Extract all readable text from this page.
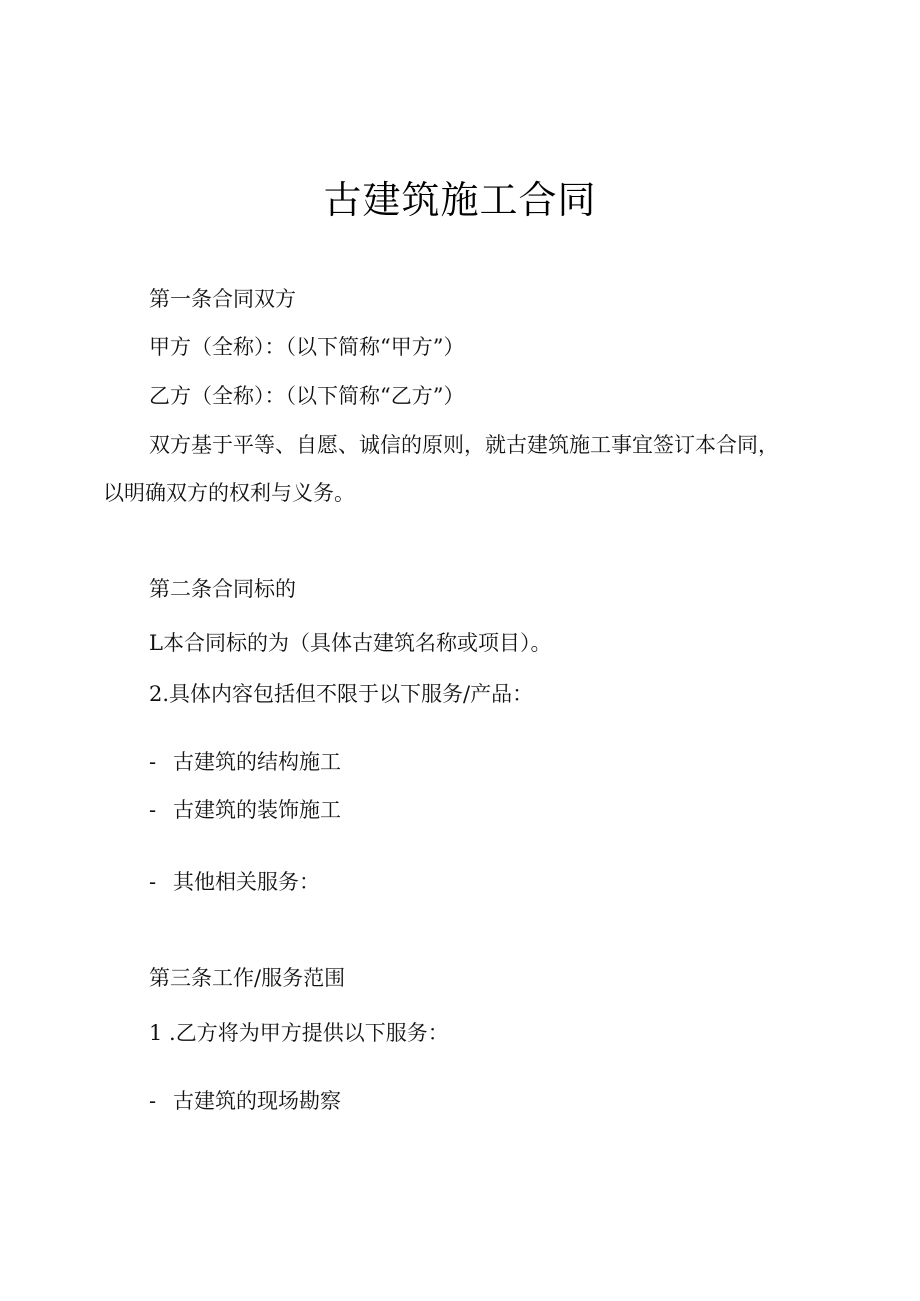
古建筑施工合同
第一条合同双方
甲方（全称）：（以下简称“甲方”）
乙方（全称）：（以下简称“乙方”）
双方基于平等、自愿、诚信的原则，就古建筑施工事宜签订本合同，
以明确双方的权利与义务。
第二条合同标的
L本合同标的为（具体古建筑名称或项目）。
2.具体内容包括但不限于以下服务/产品：
- 古建筑的结构施工
- 古建筑的装饰施工
- 其他相关服务：
第三条工作/服务范围
1 .乙方将为甲方提供以下服务：
- 古建筑的现场勘察
